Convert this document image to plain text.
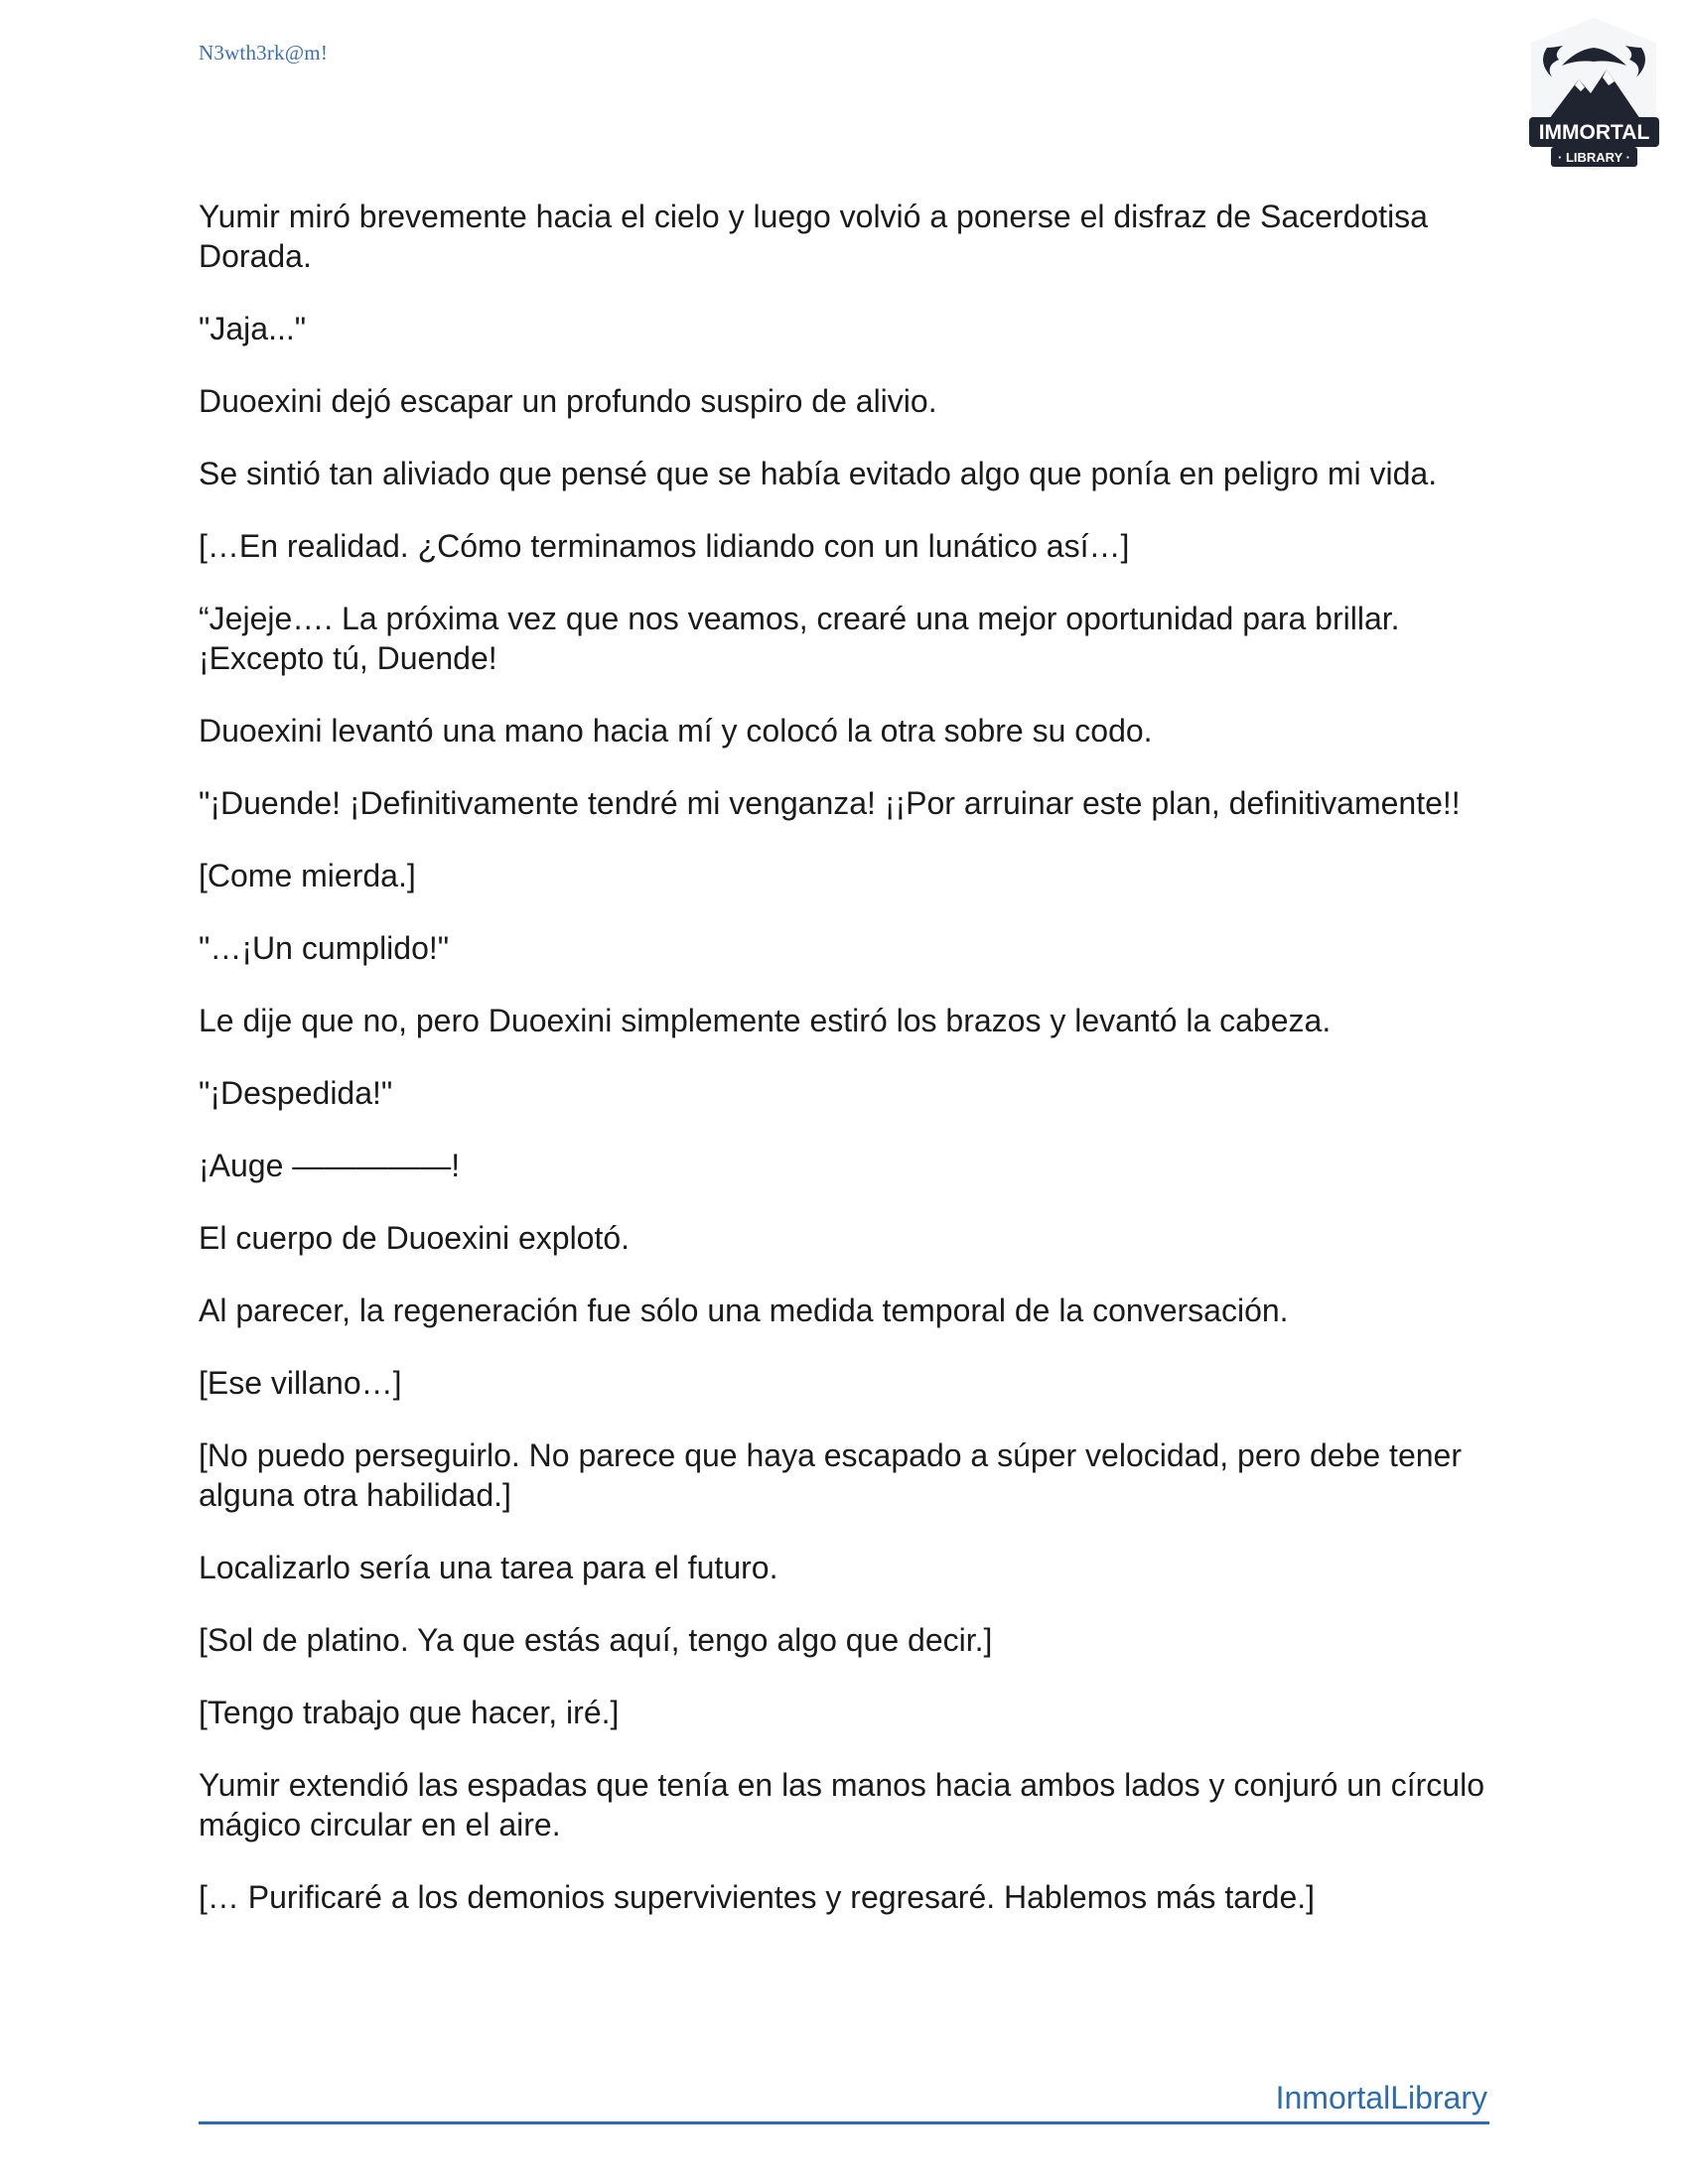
N3wth3rk@m!
IMMORTAL
· LIBRARY ·

Yumir miró brevemente hacia el cielo y luego volvió a ponerse el disfraz de Sacerdotisa Dorada.

"Jaja..."

Duoexini dejó escapar un profundo suspiro de alivio.

Se sintió tan aliviado que pensé que se había evitado algo que ponía en peligro mi vida.

[…En realidad. ¿Cómo terminamos lidiando con un lunático así…]

“Jejeje…. La próxima vez que nos veamos, crearé una mejor oportunidad para brillar. ¡Excepto tú, Duende!

Duoexini levantó una mano hacia mí y colocó la otra sobre su codo.

"¡Duende! ¡Definitivamente tendré mi venganza! ¡¡Por arruinar este plan, definitivamente!!

[Come mierda.]

"…¡Un cumplido!"

Le dije que no, pero Duoexini simplemente estiró los brazos y levantó la cabeza.

"¡Despedida!"

¡Auge —————!

El cuerpo de Duoexini explotó.

Al parecer, la regeneración fue sólo una medida temporal de la conversación.

[Ese villano…]

[No puedo perseguirlo. No parece que haya escapado a súper velocidad, pero debe tener alguna otra habilidad.]

Localizarlo sería una tarea para el futuro.

[Sol de platino. Ya que estás aquí, tengo algo que decir.]

[Tengo trabajo que hacer, iré.]

Yumir extendió las espadas que tenía en las manos hacia ambos lados y conjuró un círculo mágico circular en el aire.

[… Purificaré a los demonios supervivientes y regresaré. Hablemos más tarde.]

InmortalLibrary
